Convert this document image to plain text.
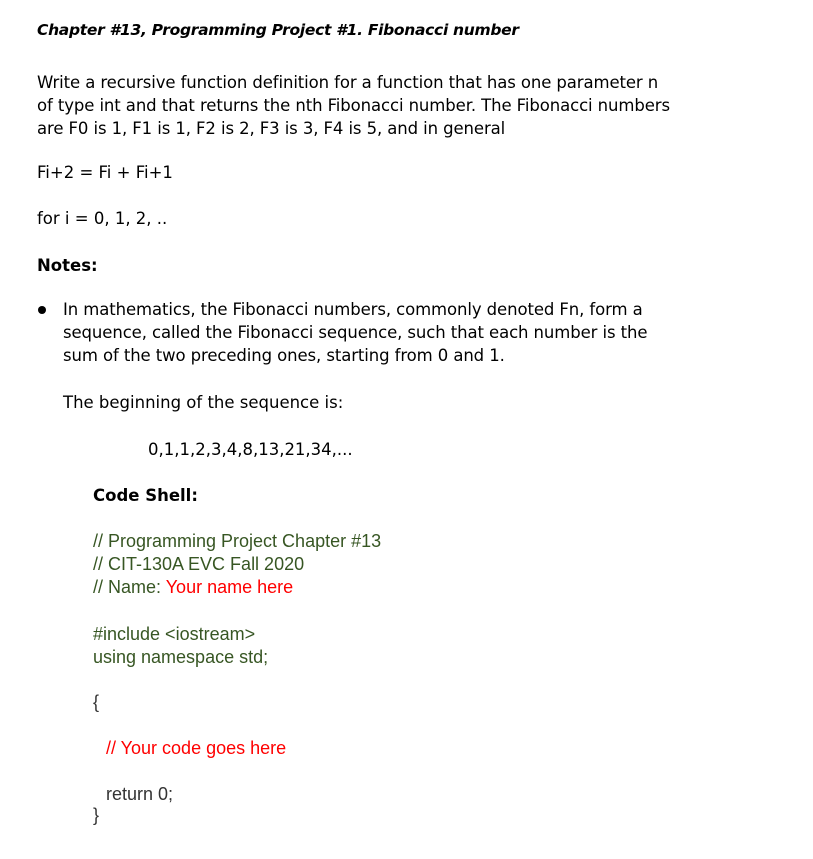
Chapter #13, Programming Project #1. Fibonacci number
Write a recursive function definition for a function that has one parameter n
of type int and that returns the nth Fibonacci number. The Fibonacci numbers
are F0 is 1, F1 is 1, F2 is 2, F3 is 3, F4 is 5, and in general
Fi+2 = Fi + Fi+1
for i = 0, 1, 2, ..
Notes:
In mathematics, the Fibonacci numbers, commonly denoted Fn, form a
sequence, called the Fibonacci sequence, such that each number is the
sum of the two preceding ones, starting from 0 and 1.
The beginning of the sequence is:
0,1,1,2,3,4,8,13,21,34,...
Code Shell:
// Programming Project Chapter #13
// CIT-130A EVC Fall 2020
// Name: Your name here
#include <iostream>
using namespace std;
{
// Your code goes here
return 0;
}
